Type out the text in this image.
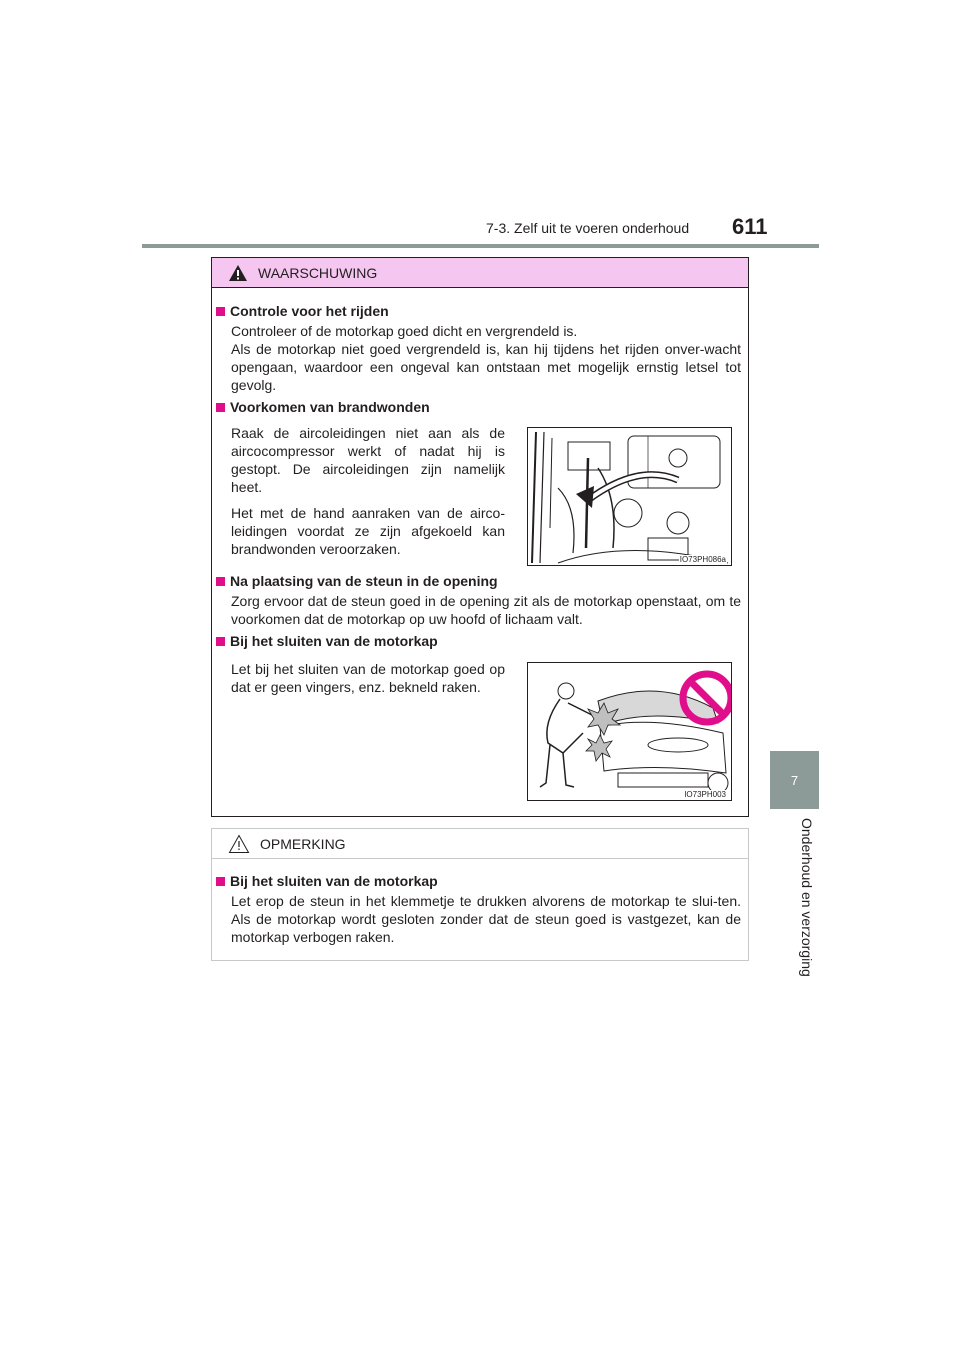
7-3. Zelf uit te voeren onderhoud 611
7
Onderhoud en verzorging
WAARSCHUWING
Controle voor het rijden

Controleer of de motorkap goed dicht en vergrendeld is.

Als de motorkap niet goed vergrendeld is, kan hij tijdens het rijden onver-wacht opengaan, waardoor een ongeval kan ontstaan met mogelijk ernstig letsel tot gevolg.

Voorkomen van brandwonden

Raak de aircoleidingen niet aan als de aircocompressor werkt of nadat hij is gestopt. De aircoleidingen zijn namelijk heet.

Het met de hand aanraken van de airco-leidingen voordat ze zijn afgekoeld kan brandwonden veroorzaken.

IO73PH086a
Na plaatsing van de steun in de opening

Zorg ervoor dat de steun goed in de opening zit als de motorkap openstaat, om te voorkomen dat de motorkap op uw hoofd of lichaam valt.

Bij het sluiten van de motorkap

Let bij het sluiten van de motorkap goed op dat er geen vingers, enz. bekneld raken.

IO73PH003
OPMERKING
Bij het sluiten van de motorkap

Let erop de steun in het klemmetje te drukken alvorens de motorkap te slui-ten. Als de motorkap wordt gesloten zonder dat de steun goed is vastgezet, kan de motorkap verbogen raken.
